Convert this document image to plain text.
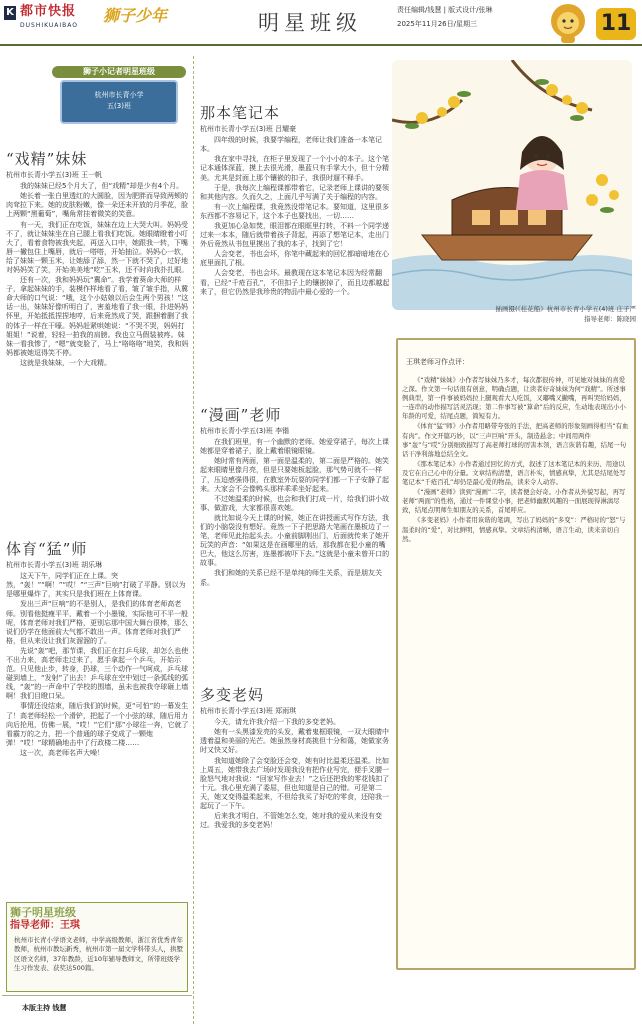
K 都市快报
DUSHIKUAIBAO
狮子少年	明星班级
责任编辑/钱慧 | 版式设计/张琳
2025年11月26日/星期三	11
狮子小记者明星班级
杭州市长青小学
五(3)班
“戏精”妹妹
杭州市长青小学五(3)班 王一帆

我的妹妹已经5个月大了，但“戏精”却是少有4个月。

她长着一张白里透红的大圆脸，因为肥胖而导致两颊的肉耷拉下来。她的皮肤粉嫩，像一朵还未开放的月季花，脸上两颗“黑葡萄”，嘴角常挂着微笑的笑意。

有一天，我们正在吃饭，妹妹在边上大哭大叫。妈妈受不了，就让妹妹坐在自己腿上看我们吃饭。她眼睛瞪着小叮大了，看着食物被我夹起，再送入口中，她跟我一转，下嘴唇一撇包住上嘴唇，就后一嗒嗒，开始抽泣。妈妈心一软，给了妹妹一颗玉米，让她舔了舔，然一下就不哭了，过好地对妈妈笑了笑，开始美美地“吃”玉米，还不时向我扑扎眼。

还有一次，我和妈妈玩“冀命”。我学着葵命大师的样子，拿起妹妹的手，装模作样地看了看，皱了皱手指，从冀命大师的口气说：“哦，这个小姑娘以后会生两个男孩！”这话一出，妹妹好像听明白了，害羞地看了我一眼，扑进妈妈怀里，开始抵抵捏捏地哼，后来竟然成了哭，跟捆着删了我的体子一样在干嚎。妈妈赶紧哄她说：“不哭不哭，妈妈打姐姐！”说着，轻轻一拍我的肩膀。我也立马假装被疼。妹妹一看我惨了，“嗯”就变脸了，马上“咯咯咯”地笑，我和妈妈都被她逗得笑不停。

这就是我妹妹，一个大戏精。

体育“猛”师
杭州市长青小学五(3)班 胡乐琳

这天下午，同学们正在上课。突然，“轰！”“啊！”“哎！”“三声”巨响”打破了平静。别以为是哪里爆炸了，其实只是我们班在上体育课。

发出三声“巨响”的不是别人，是我们的体育老师高老师。别看他挺瘦平平，戴着一个小墨镜，实际他可不平一般呢，体育老师对我们严格，更别忘那中国大舞台很棒，那么说们仍学在他面前大气都不敢出一声。体育老师对我们严格，但从来没让我们灰溜溜的了。

先说“轰”吧，那节课，我们正在打乒乓球，却怎么也使不出力来，高老师走过来了，愿手拿起一个乒乓，开始示范。只见他止步，转身，扔球，三个动作一气呵成，乒乓球碰到墙上，“发射”了出去！乒乓球在空中划过一条弧线的弧线，“轰”的一声命中了学校的围墙，虽未也被我夺球砸上墙啊！我们目瞪口呆。

事情还没结束，随后我们的时候，更“可怕”的一幕发生了！高老师轻松一个滑铲，把起了一个小弦的球，随后用力向后抡甩，仿佛一展，“哎！”它们“那”小球往一奔，它就了看霸万的之力，把一个普通的球子变成了一颗炮弹！“哎！”球精确地击中了行政楼二楼……

这一次，高老师名声大噪！

狮子明星班级
指导老师：王琪
杭州市长青小学语文老师，中学高级教师，浙江省优秀青年教师，杭州市教坛新秀，杭州市第一届文学科带头人，拱墅区语文名师，37年教龄，近10年辅导教师文，所带班级学生习作发表、获奖达500篇。
本版主持 钱慧
那本笔记本
杭州市长青小学五(3)班 吕耀豪

四年级的时候，我要学编程，老师让我们准备一本笔记本。

我在家中寻找，在柜子里发现了一个小小的本子。这个笔记本通体深蓝，摸上去很光滑，墨蓝只有手掌大小，但十分精美。尤其是封面上那个镶嵌的扣子，我很时遛不释手。

于是，我每次上编程课都带着它，记录老师上课讲的要领和其他内容。久而久之，上面几乎写满了关于编程的内容。

有一次上编程课，我竟然没带笔记本。要知道，这里很多东西都不容易记下，这个本子也要找出，一切……

我更加心急如焚，眼泪都在眼眶里打转，不料一个同学递过来一本本，随后就带着孩子背起，再添了想笔记本，走出门外后竟然从书包里摸出了我的本子，找到了它！

人会变老，书也会坏，你笔中藏起来的回忆都暗暗地在心底里面扎了根。

人会变老，书也会坏。最教现在这本笔记本因为经常翻看，已经“千疮百孔”，不但扣子上的镶嵌掉了，而且边都越起来了，但它仍然是我珍贵的物品中最心爱的一个。

“漫画”老师
杭州市长青小学五(3)班 李锴

在我们班里，有一个幽默的老师。她爱穿裙子，每次上课她都是穿着裙子，脸上戴着眼镜眼镜。

她时常有两面，第一面是温柔的，第二面是严格的。她笑起来眼睛里像月亮，但是只要她板起脸，那气势可就不一样了，压迫感强得很，在教室外玩耍的同学们都一下子安静了起来。大家会不会像鸭头那样乖乖坐好起来。

不过她温柔的时候，也会和我们打成一片，给我们讲小故事、做游戏，大家都很喜欢她。

就比如说今天上课的时候，她正在讲授画式写作方法，我们的小脑袋没有想好。竟然一下子把思路大笔画在墨板边了一笔，老师见此抬起头去。小童前脚刚出门，后面就传来了她开玩笑的声音：“如果这是在画哪里的话，那我都在犯小童的嘴巴大，他这么厉害，连墨都被吓下去。”这就是小童未曾开口的故事。

我们和她的关系已经不是单纯的师生关系，而是朋友关系。

多变老妈
杭州市长青小学五(3)班 郑雨琪

今天，请允许我介绍一下我的多变老妈。

她有一头黑漆发亮的头发，戴着鬼框眼镜，一双大眼睛中透着温和美丽的光芒。她虽然身材高挑但十分和蔼，她做家务时又快又好。

我知道她除了会变脸还会变，她有时比温柔还温柔。比如上周五，她带我去广场时发现我没有把作业写完，便手叉腰一脸怒气地对我说：“回家写作业去！”之后还把我的零花钱扣了十元。我心里充满了委屈，但也知道是自己的错。可是第二天，她又变得温柔起来，不但给我买了好吃的零食，还陪我一起玩了一下午。

后来我才明白，不管她怎么变，她对我的爱从来没有变过。我爱我的多变老妈！

插画摄(《桂花船》杭州市长青小学五(4)班 庄子严
指导老师：陈晓园
王琪老师习作点评：

《“戏精”妹妹》小作者写妹妹乃多才，每次都很传神，可见她对妹妹的喜爱之深。作文第一句话很有创意，明确点题，让读者好奇妹妹为何“戏精”。所述事例典型，第一件事被妈妈拉上腿观看大人吃饭，又嘟嘴又撇嘴，再叫哭给妈妈，一连串的动作描写活灵活现；第二件事写被“算命”后的反应，生动地表现出小小年龄的可爱，结尾点题，简短有力。

《体育“猛”师》小作者用略带夸张的手法，把高老师的形象刻画得相当“有血有肉”。作文开篇巧妙，以“三声巨响”开头，制造悬念；中间用两件事“轰”与“哎”分别细致描写了高老师打球的厉害本领，语言诙谐有趣，结尾一句话干净利落地总结全文。

《那本笔记本》小作者通过回忆的方式，叙述了这本笔记本的来历、用途以及它在自己心中的分量。文章结构清楚，语言朴实，情感真挚，尤其是结尾处写笔记本“千疮百孔”却仍是最心爱的物品，读来令人动容。

《“漫画”老师》读到“漫画”二字，读者便会好奇。小作者从外貌写起，再写老师“两面”的性格，通过一件课堂小事，把老师幽默风趣的一面展现得淋漓尽致，结尾点明师生如朋友的关系，首尾呼应。

《多变老妈》小作者用诙谐的笔调，写出了妈妈的“多变”：严格时的“怒”与温柔时的“爱”，对比鲜明，情感真挚。文章结构清晰，语言生动，读来亲切自然。
